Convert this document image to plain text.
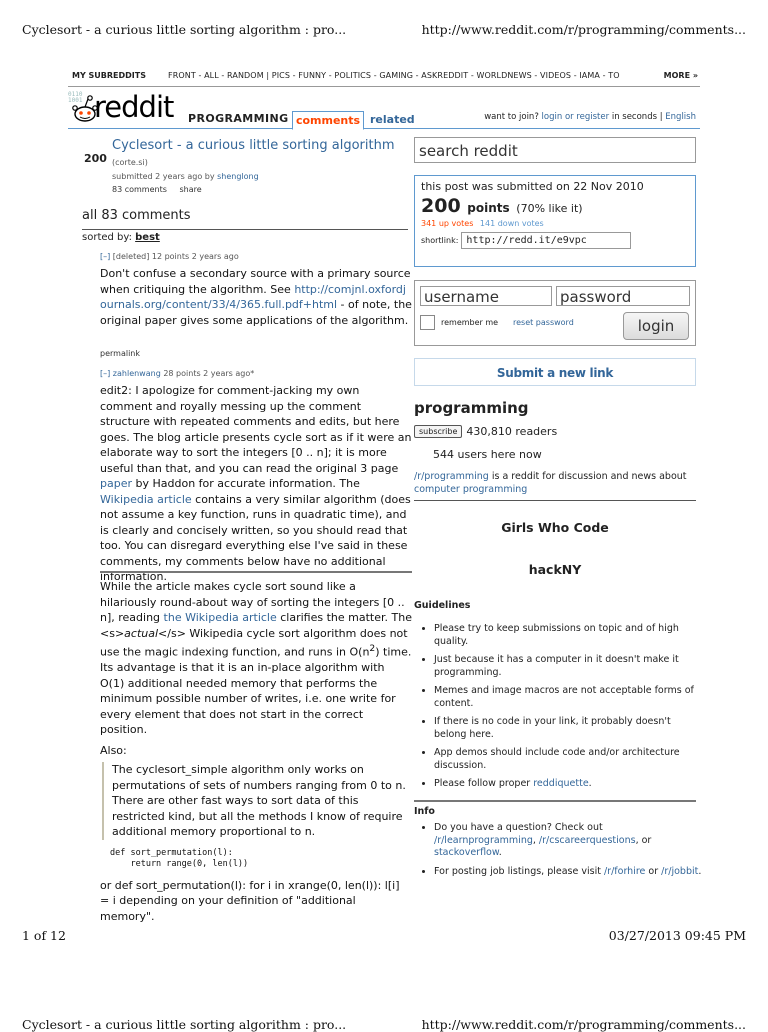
Cyclesort - a curious little sorting algorithm : pro...	http://www.reddit.com/r/programming/comments...
MY SUBREDDITS	FRONT - ALL - RANDOM | PICS - FUNNY - POLITICS - GAMING - ASKREDDIT - WORLDNEWS - VIDEOS - IAMA - TO	MORE »
0110
1001 reddit PROGRAMMING comments related	want to join? login or register in seconds | English
200
Cyclesort - a curious little sorting algorithm
(corte.si)
submitted 2 years ago by shenglong
83 comments share
all 83 comments
sorted by: best
[–] [deleted] 12 points 2 years ago
Don't confuse a secondary source with a primary source when critiquing the algorithm. See http://comjnl.oxfordjournals.org/content/33/4/365.full.pdf+html - of note, the original paper gives some applications of the algorithm.
permalink
[–] zahlenwang 28 points 2 years ago*
edit2: I apologize for comment-jacking my own comment and royally messing up the comment structure with repeated comments and edits, but here goes. The blog article presents cycle sort as if it were an elaborate way to sort the integers [0 .. n]; it is more useful than that, and you can read the original 3 page paper by Haddon for accurate information. The Wikipedia article contains a very similar algorithm (does not assume a key function, runs in quadratic time), and is clearly and concisely written, so you should read that too. You can disregard everything else I've said in these comments, my comments below have no additional information.
While the article makes cycle sort sound like a hilariously round-about way of sorting the integers [0 .. n], reading the Wikipedia article clarifies the matter. The <s>actual</s> Wikipedia cycle sort algorithm does not use the magic indexing function, and runs in $O(n^2)$ time. Its advantage is that it is an in-place algorithm with O(1) additional needed memory that performs the minimum possible number of writes, i.e. one write for every element that does not start in the correct position.
Also:
The cyclesort_simple algorithm only works on permutations of sets of numbers ranging from 0 to n. There are other fast ways to sort data of this restricted kind, but all the methods I know of require additional memory proportional to n.
def sort_permutation(l):
return range(0, len(l))
or def sort_permutation(l): for i in xrange(0, len(l)): l[i] = i depending on your definition of "additional memory".
search reddit
this post was submitted on 22 Nov 2010
200 points (70% like it)
341 up votes 141 down votes
shortlink: http://redd.it/e9vpc
username	password
remember me reset password	login
Submit a new link
programming
subscribe 430,810 readers
544 users here now
/r/programming is a reddit for discussion and news about computer programming
Girls Who Code
hackNY
Guidelines
• Please try to keep submissions on topic and of high quality.
• Just because it has a computer in it doesn't make it programming.
• Memes and image macros are not acceptable forms of content.
• If there is no code in your link, it probably doesn't belong here.
• App demos should include code and/or architecture discussion.
• Please follow proper reddiquette.
Info
• Do you have a question? Check out /r/learnprogramming, /r/cscareerquestions, or stackoverflow.
• For posting job listings, please visit /r/forhire or /r/jobbit.
1 of 12	03/27/2013 09:45 PM
Cyclesort - a curious little sorting algorithm : pro...	http://www.reddit.com/r/programming/comments...
